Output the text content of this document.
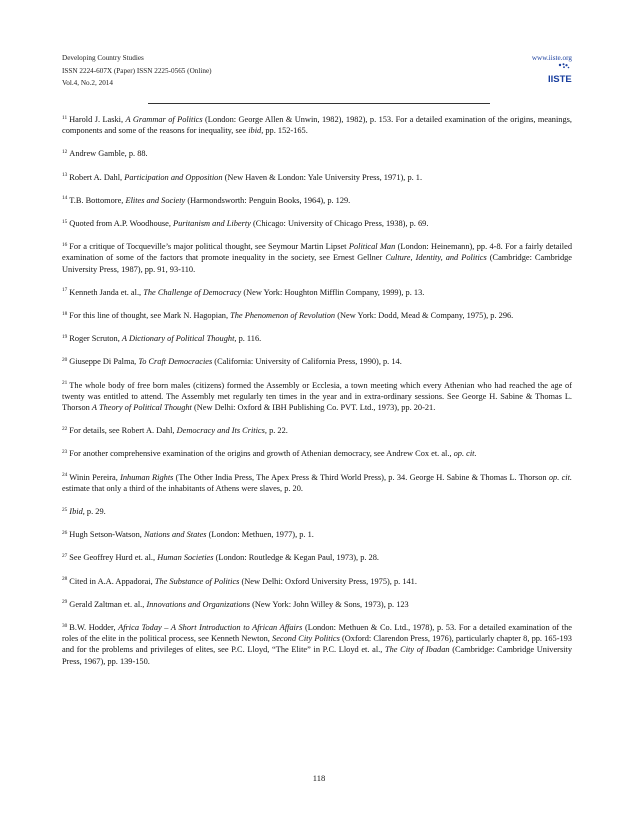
Developing Country Studies
ISSN 2224-607X (Paper) ISSN 2225-0565 (Online)
Vol.4, No.2, 2014
www.iiste.org
IISTE

$^{11}$ Harold J. Laski, A Grammar of Politics (London: George Allen & Unwin, 1982), 1982), p. 153. For a detailed examination of the origins, meanings, components and some of the reasons for inequality, see ibid, pp. 152-165.

$^{12}$ Andrew Gamble, p. 88.

$^{13}$ Robert A. Dahl, Participation and Opposition (New Haven & London: Yale University Press, 1971), p. 1.

$^{14}$ T.B. Bottomore, Elites and Society (Harmondsworth: Penguin Books, 1964), p. 129.

$^{15}$ Quoted from A.P. Woodhouse, Puritanism and Liberty (Chicago: University of Chicago Press, 1938), p. 69.

$^{16}$ For a critique of Tocqueville’s major political thought, see Seymour Martin Lipset Political Man (London: Heinemann), pp. 4-8. For a fairly detailed examination of some of the factors that promote inequality in the society, see Ernest Gellner Culture, Identity, and Politics (Cambridge: Cambridge University Press, 1987), pp. 91, 93-110.

$^{17}$ Kenneth Janda et. al., The Challenge of Democracy (New York: Houghton Mifflin Company, 1999), p. 13.

$^{18}$ For this line of thought, see Mark N. Hagopian, The Phenomenon of Revolution (New York: Dodd, Mead & Company, 1975), p. 296.

$^{19}$ Roger Scruton, A Dictionary of Political Thought, p. 116.

$^{20}$ Giuseppe Di Palma, To Craft Democracies (California: University of California Press, 1990), p. 14.

$^{21}$ The whole body of free born males (citizens) formed the Assembly or Ecclesia, a town meeting which every Athenian who had reached the age of twenty was entitled to attend. The Assembly met regularly ten times in the year and in extra-ordinary sessions. See George H. Sabine & Thomas L. Thorson A Theory of Political Thought (New Delhi: Oxford & IBH Publishing Co. PVT. Ltd., 1973), pp. 20-21.

$^{22}$ For details, see Robert A. Dahl, Democracy and Its Critics, p. 22.

$^{23}$ For another comprehensive examination of the origins and growth of Athenian democracy, see Andrew Cox et. al., op. cit.

$^{24}$ Winin Pereira, Inhuman Rights (The Other India Press, The Apex Press & Third World Press), p. 34. George H. Sabine & Thomas L. Thorson op. cit. estimate that only a third of the inhabitants of Athens were slaves, p. 20.

$^{25}$ Ibid, p. 29.

$^{26}$ Hugh Setson-Watson, Nations and States (London: Methuen, 1977), p. 1.

$^{27}$ See Geoffrey Hurd et. al., Human Societies (London: Routledge & Kegan Paul, 1973), p. 28.

$^{28}$ Cited in A.A. Appadorai, The Substance of Politics (New Delhi: Oxford University Press, 1975), p. 141.

$^{29}$ Gerald Zaltman et. al., Innovations and Organizations (New York: John Willey & Sons, 1973), p. 123

$^{30}$ B.W. Hodder, Africa Today – A Short Introduction to African Affairs (London: Methuen & Co. Ltd., 1978), p. 53. For a detailed examination of the roles of the elite in the political process, see Kenneth Newton, Second City Politics (Oxford: Clarendon Press, 1976), particularly chapter 8, pp. 165-193 and for the problems and privileges of elites, see P.C. Lloyd, “The Elite” in P.C. Lloyd et. al., The City of Ibadan (Cambridge: Cambridge University Press, 1967), pp. 139-150.

118
